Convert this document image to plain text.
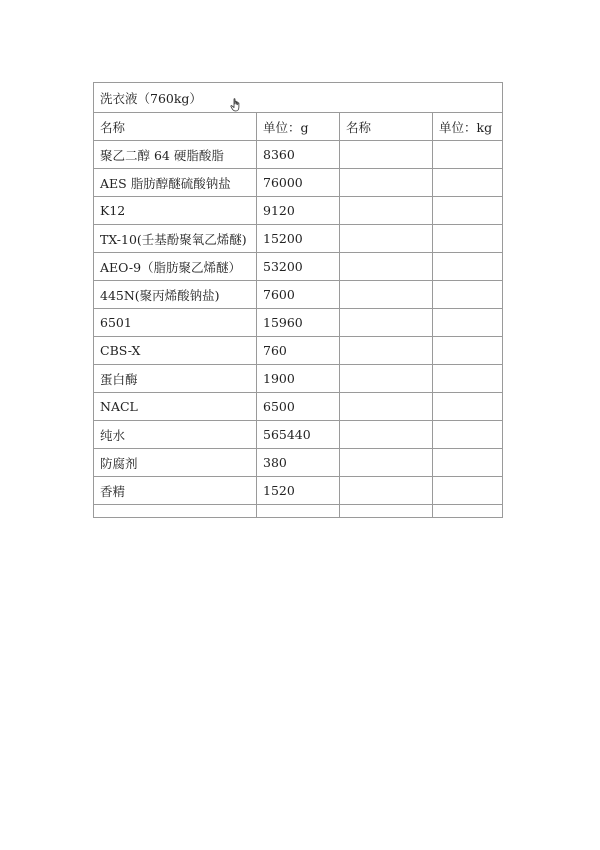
洗衣液（760kg）			
名称	单位：g	名称	单位：kg
聚乙二醇 64 硬脂酸脂	8360		
AES 脂肪醇醚硫酸钠盐	76000		
K12	9120		
TX-10(壬基酚聚氧乙烯醚)	15200		
AEO-9（脂肪聚乙烯醚）	53200		
445N(聚丙烯酸钠盐)	7600		
6501	15960		
CBS-X	760		
蛋白酶	1900		
NACL	6500		
纯水	565440		
防腐剂	380		
香精	1520		
